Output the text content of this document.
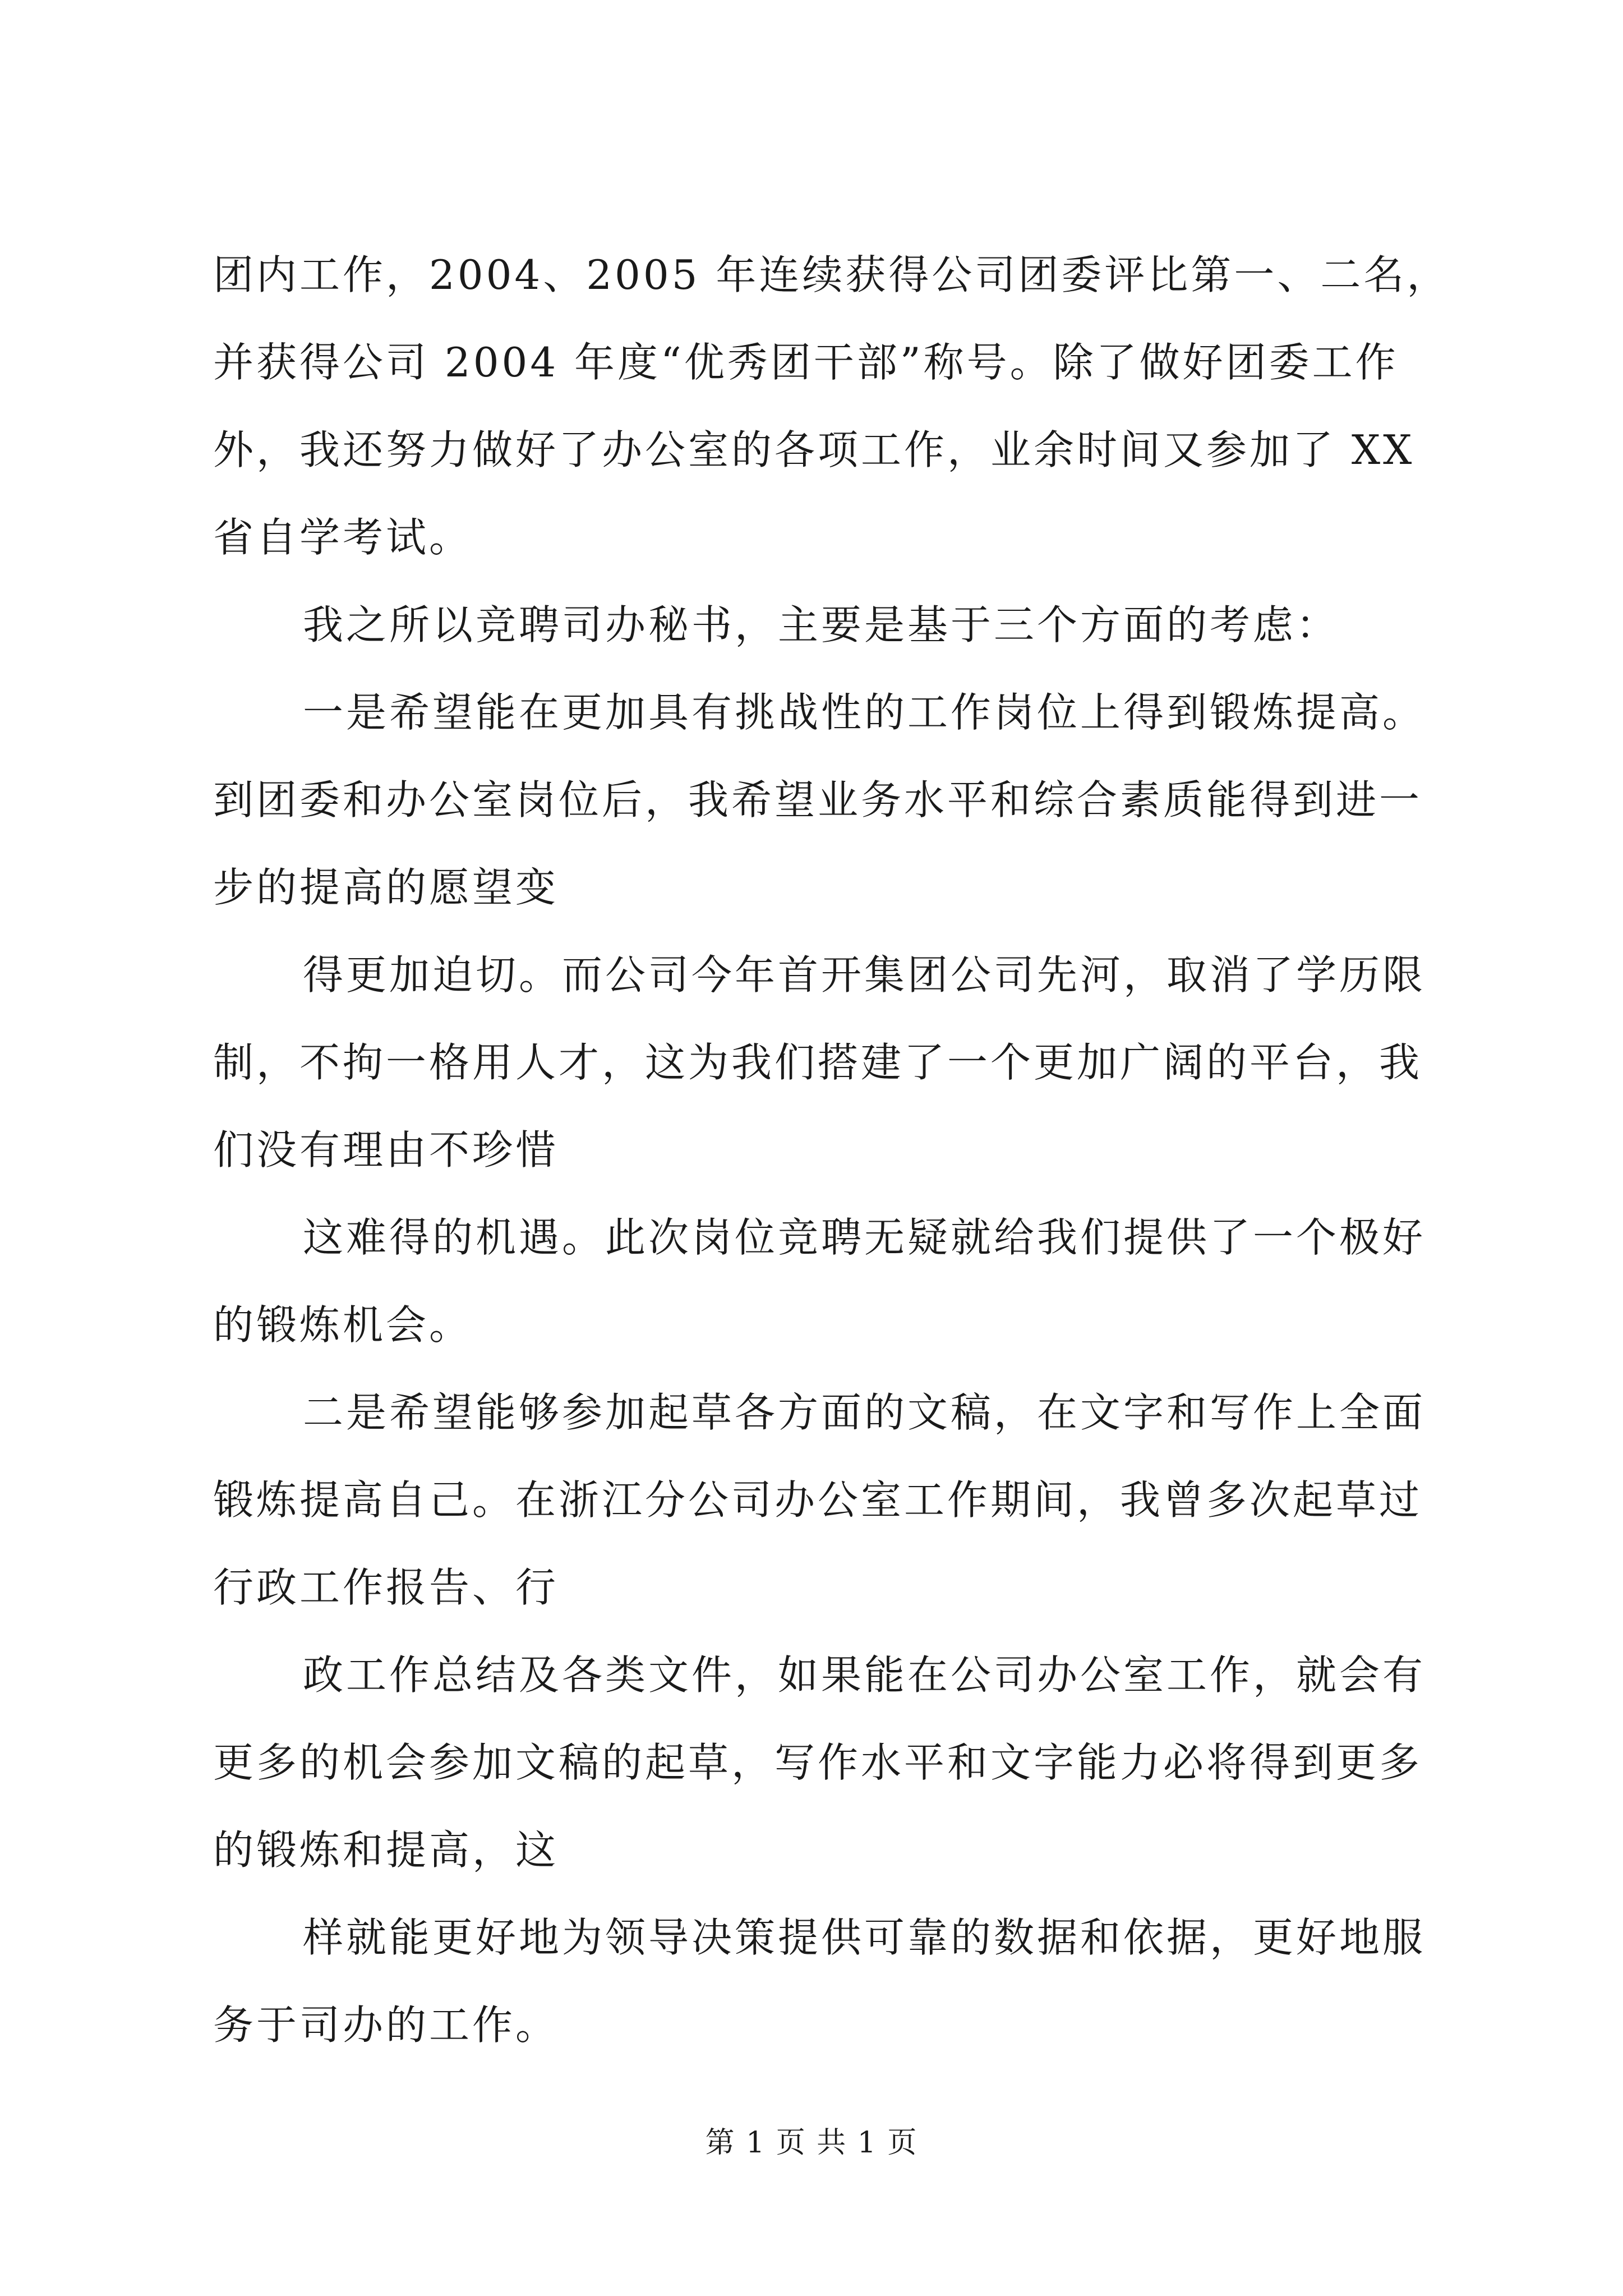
团内工作，2004、2005 年连续获得公司团委评比第一、二名，
并获得公司 2004 年度“优秀团干部”称号。除了做好团委工作
外，我还努力做好了办公室的各项工作，业余时间又参加了 XX
省自学考试。
我之所以竞聘司办秘书，主要是基于三个方面的考虑：
一是希望能在更加具有挑战性的工作岗位上得到锻炼提高。
到团委和办公室岗位后，我希望业务水平和综合素质能得到进一
步的提高的愿望变
得更加迫切。而公司今年首开集团公司先河，取消了学历限
制，不拘一格用人才，这为我们搭建了一个更加广阔的平台，我
们没有理由不珍惜
这难得的机遇。此次岗位竞聘无疑就给我们提供了一个极好
的锻炼机会。
二是希望能够参加起草各方面的文稿，在文字和写作上全面
锻炼提高自己。在浙江分公司办公室工作期间，我曾多次起草过
行政工作报告、行
政工作总结及各类文件，如果能在公司办公室工作，就会有
更多的机会参加文稿的起草，写作水平和文字能力必将得到更多
的锻炼和提高，这
样就能更好地为领导决策提供可靠的数据和依据，更好地服
务于司办的工作。
第 1 页 共 1 页
